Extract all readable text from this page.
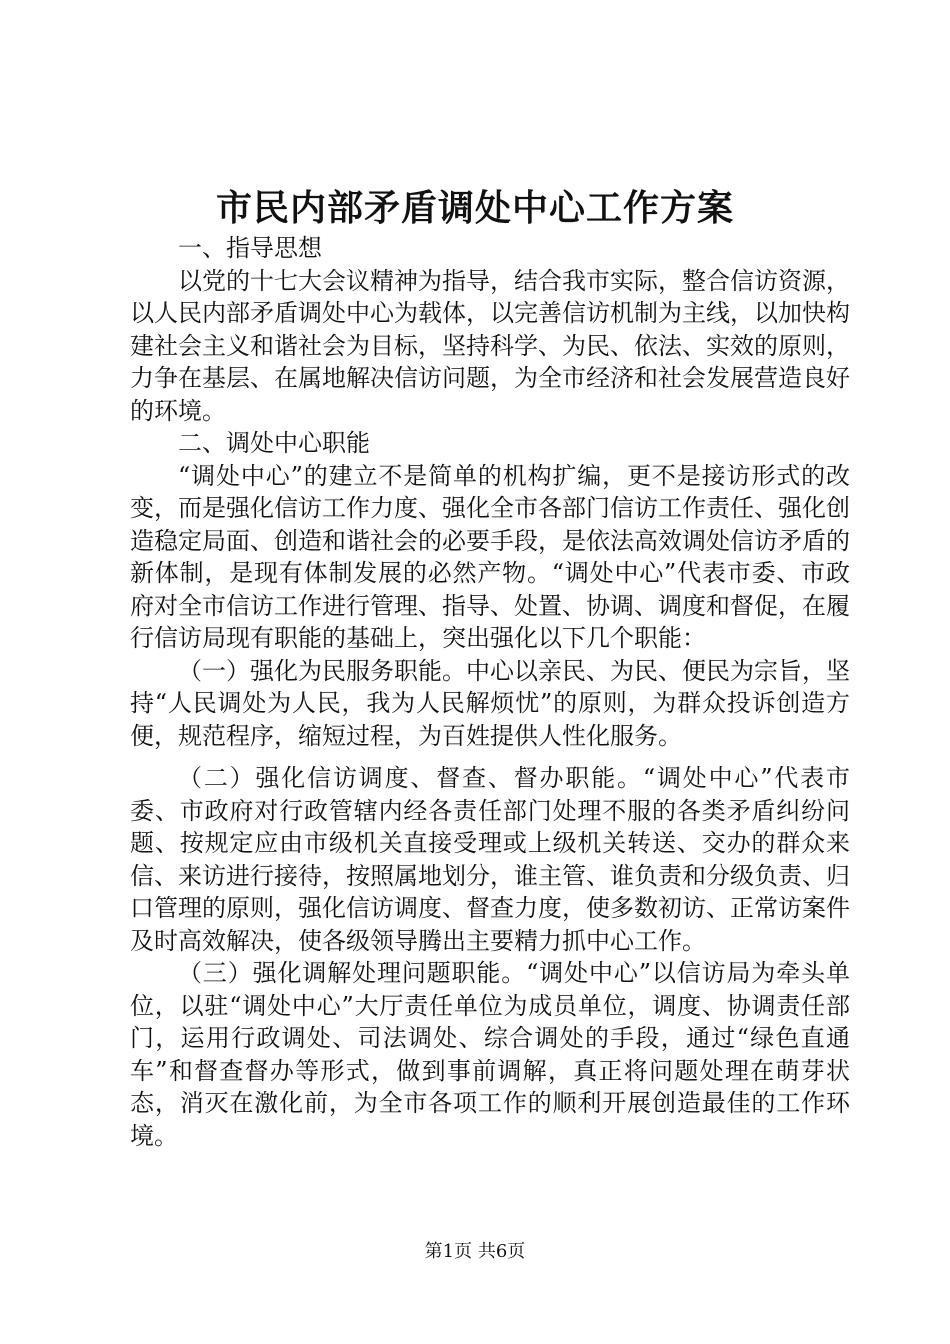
市民内部矛盾调处中心工作方案

一、指导思想

以党的十七大会议精神为指导，结合我市实际，整合信访资源，以人民内部矛盾调处中心为载体，以完善信访机制为主线，以加快构建社会主义和谐社会为目标，坚持科学、为民、依法、实效的原则，力争在基层、在属地解决信访问题，为全市经济和社会发展营造良好的环境。

二、调处中心职能

“调处中心”的建立不是简单的机构扩编，更不是接访形式的改变，而是强化信访工作力度、强化全市各部门信访工作责任、强化创造稳定局面、创造和谐社会的必要手段，是依法高效调处信访矛盾的新体制，是现有体制发展的必然产物。“调处中心”代表市委、市政府对全市信访工作进行管理、指导、处置、协调、调度和督促，在履行信访局现有职能的基础上，突出强化以下几个职能：

（一）强化为民服务职能。中心以亲民、为民、便民为宗旨，坚持“人民调处为人民，我为人民解烦忧”的原则，为群众投诉创造方便，规范程序，缩短过程，为百姓提供人性化服务。

（二）强化信访调度、督查、督办职能。“调处中心”代表市委、市政府对行政管辖内经各责任部门处理不服的各类矛盾纠纷问题、按规定应由市级机关直接受理或上级机关转送、交办的群众来信、来访进行接待，按照属地划分，谁主管、谁负责和分级负责、归口管理的原则，强化信访调度、督查力度，使多数初访、正常访案件及时高效解决，使各级领导腾出主要精力抓中心工作。

（三）强化调解处理问题职能。“调处中心”以信访局为牵头单位，以驻“调处中心”大厅责任单位为成员单位，调度、协调责任部门，运用行政调处、司法调处、综合调处的手段，通过“绿色直通车”和督查督办等形式，做到事前调解，真正将问题处理在萌芽状态，消灭在激化前，为全市各项工作的顺利开展创造最佳的工作环境。

第1页 共6页
